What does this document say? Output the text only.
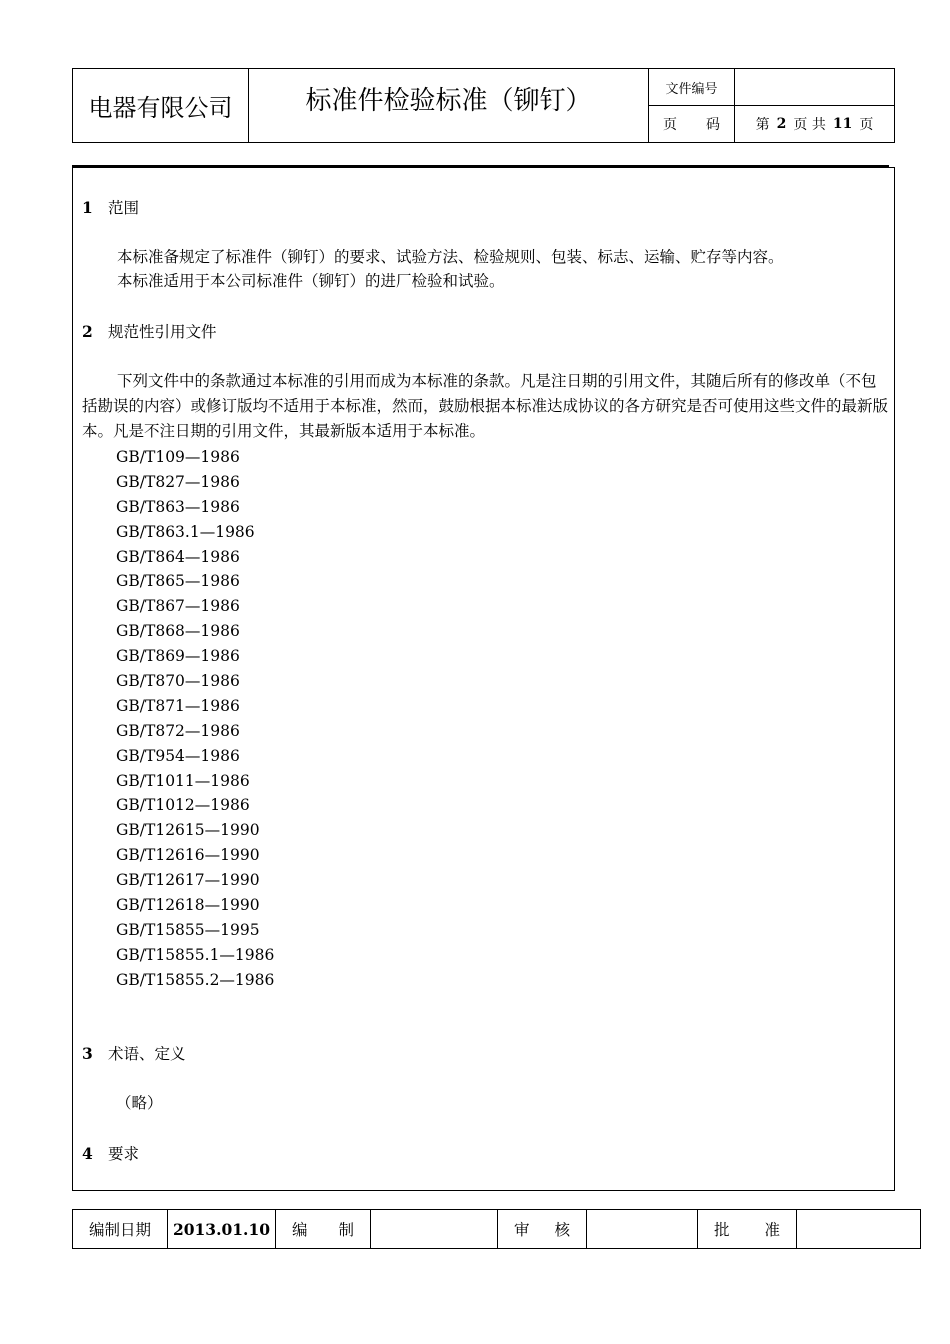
电器有限公司	标准件检验标准（铆钉）	文件编号
页 码	第 2 页 共 11 页
1 范围
本标准备规定了标准件（铆钉）的要求、试验方法、检验规则、包装、标志、运输、贮存等内容。
本标准适用于本公司标准件（铆钉）的进厂检验和试验。
2 规范性引用文件
下列文件中的条款通过本标准的引用而成为本标准的条款。凡是注日期的引用文件，其随后所有的修改单（不包括勘误的内容）或修订版均不适用于本标准，然而，鼓励根据本标准达成协议的各方研究是否可使用这些文件的最新版本。凡是不注日期的引用文件，其最新版本适用于本标准。
GB/T109—1986
GB/T827—1986
GB/T863—1986
GB/T863.1—1986
GB/T864—1986
GB/T865—1986
GB/T867—1986
GB/T868—1986
GB/T869—1986
GB/T870—1986
GB/T871—1986
GB/T872—1986
GB/T954—1986
GB/T1011—1986
GB/T1012—1986
GB/T12615—1990
GB/T12616—1990
GB/T12617—1990
GB/T12618—1990
GB/T15855—1995
GB/T15855.1—1986
GB/T15855.2—1986
3 术语、定义
（略）
4 要求
编制日期	2013.01.10	编 制	审 核	批 准
